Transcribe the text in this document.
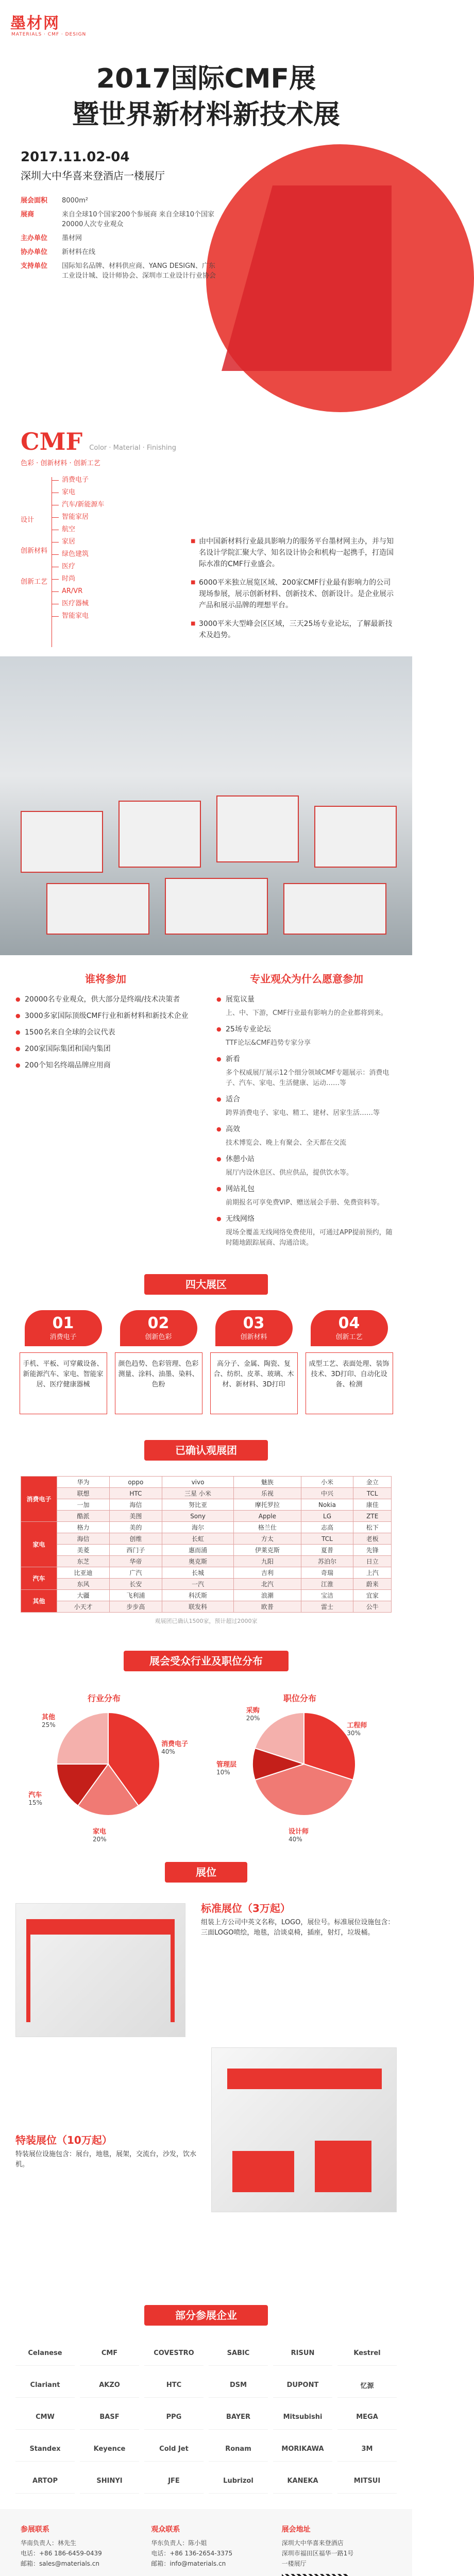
墨材网
MATERIALS · CMF · DESIGN
2017国际CMF展
暨世界新材料新技术展
2017.11.02-04
深圳大中华喜来登酒店一楼展厅
展会面积	8000m²
展商	来自全球10个国家200个参展商 来自全球10个国家20000人次专业观众
主办单位	墨材网
协办单位	新材料在线
支持单位	国际知名品牌、材料供应商、YANG DESIGN、广东工业设计城、设计师协会、深圳市工业设计行业协会
CMF Color · Material · Finishing
色彩 · 创新材料 · 创新工艺
消费电子
家电
汽车/新能源车
智能家居
航空
家居
绿色建筑
医疗
时尚
AR/VR
医疗器械
智能家电
设计
创新材料
创新工艺

■ 由中国新材料行业最具影响力的服务平台墨材网主办，并与知名设计学院汇聚大学、知名设计协会和机构一起携手，打造国际水准的CMF行业盛会。

■ 6000平米独立展览区域、200家CMF行业最有影响力的公司现场参展，展示创新材料、创新技术、创新设计。是企业展示产品和展示品牌的理想平台。

■ 3000平米大型峰会区区域，三天25场专业论坛，了解最新技术及趋势。

谁将参加
● 20000名专业观众，供大部分是终端/技术决策者
● 3000多家国际顶级CMF行业和新材料和新技术企业
● 1500名来自全球的会议代表
● 200家国际集团和国内集团
● 200个知名终端品牌应用商
专业观众为什么愿意参加
● 展览议量
上、中、下游，CMF行业最有影响力的企业都将到来。
● 25场专业论坛
TTF论坛&CMF趋势专家分享
● 新看
多个权威展厅展示12个细分领域CMF专题展示：消费电子、汽车、家电、生活健康、运动……等
● 适合
跨界消费电子、家电、精工、建材、居家生活……等
● 高效
技术博览会、晚上有聚会、全天都在交流
● 休憩小站
展厅内设休息区、供应供品，提供饮水等。
● 网站礼包
前期报名可享免费VIP、赠送展会手册、免费资料等。
● 无线网络
现场全覆盖无线网络免费使用，可通过APP提前预约，随时随地跟踪展商、沟通洽谈。
四大展区
01
消费电子
手机、平板、可穿戴设备、新能源汽车、家电、智能家居、医疗健康器械
02
创新色彩
颜色趋势、色彩管理、色彩测量、涂料、油墨、染料、色粉
03
创新材料
高分子、金属、陶瓷、复合、纺织、皮革、玻璃、木材、新材料、3D打印
04
创新工艺
成型工艺、表面处理、装饰技术、3D打印、自动化设备、检测
已确认观展团
消费电子	华为	oppo	vivo	魅族	小米	金立
	联想	HTC	三星 小米	乐视	中兴	TCL
	一加	海信	努比亚	摩托罗拉	Nokia	康佳
	酷派	美图	Sony	Apple	LG	ZTE
家电	格力	美的	海尔	格兰仕	志高	松下
	海信	创维	长虹	方太	TCL	老板
	美菱	西门子	惠而浦	伊莱克斯	夏普	先锋
	东芝	华帝	奥克斯	九阳	苏泊尔	日立
汽车	比亚迪	广汽	长城	吉利	奇瑞	上汽
	东风	长安	一汽	北汽	江淮	蔚来
其他	大疆	飞利浦	科沃斯	浪潮	宝洁	宜家
	小天才	步步高	联发科	欧普	雷士	公牛
观展团已确认1500家，预计超过2000家
展会受众行业及职位分布
行业分布
消费电子
40%
家电
20%
汽车
15%
其他
25%
职位分布
工程师
30%
设计师
40%
管理层
10%
采购
20%
展位
标准展位（3万起）
组装上方公司中英文名称，LOGO，展位号。标准展位设施包含：三面LOGO喷绘，地毯，洽谈桌椅，插座，射灯，垃圾桶。
特装展位（10万起）
特装展位设施包含：展台，地毯，展架，交流台，沙发，饮水机。
部分参展企业
Celanese	CMF	COVESTRO	SABIC	RISUN	Kestrel
Clariant	AKZO	HTC	DSM	DUPONT	忆源
CMW	BASF	PPG	BAYER	Mitsubishi	MEGA
Standex	Keyence	Cold Jet	Ronam	MORIKAWA	3M
ARTOP	SHINYI	JFE	Lubrizol	KANEKA	MITSUI
参展联系
华南负责人：林先生
电话：+86 186-6459-0439
邮箱：sales@materials.cn
观众联系
华东负责人：陈小姐
电话：+86 136-2654-3375
邮箱：info@materials.cn
展会地址
深圳大中华喜来登酒店
深圳市福田区福华一路1号
一楼展厅
